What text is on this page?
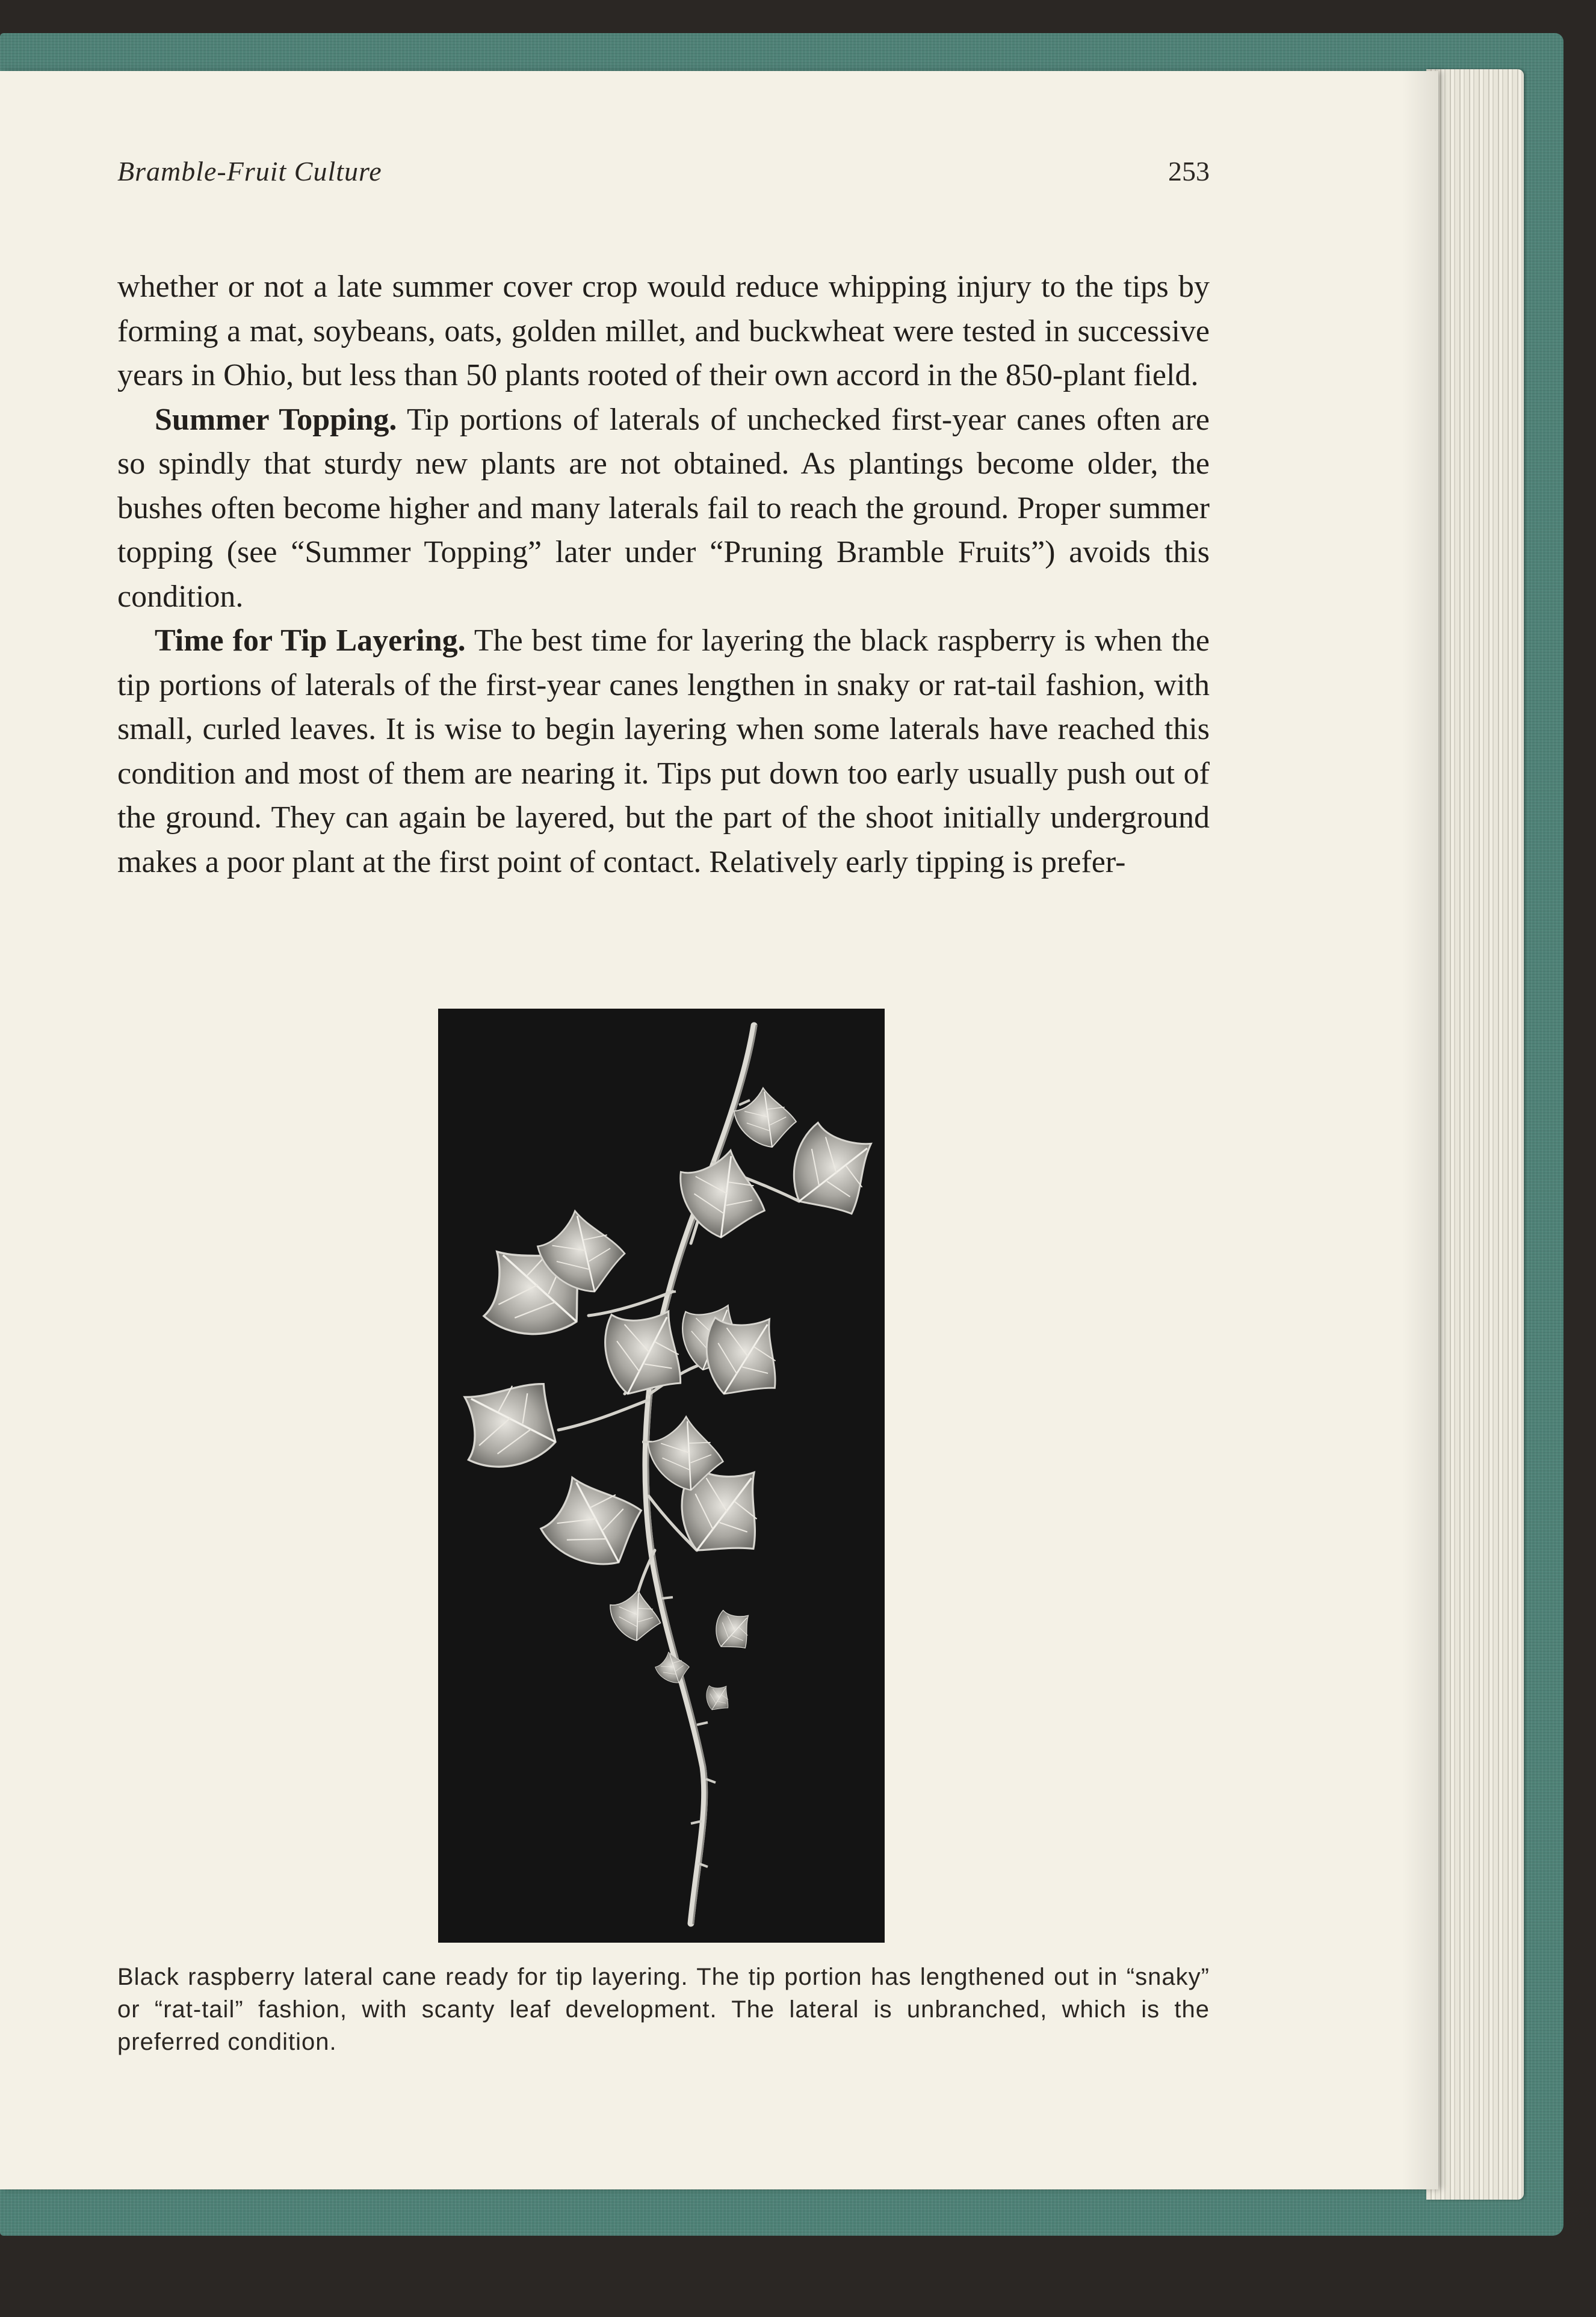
Bramble-Fruit Culture	253

whether or not a late summer cover crop would reduce whipping injury to the tips by forming a mat, soybeans, oats, golden millet, and buckwheat were tested in successive years in Ohio, but less than 50 plants rooted of their own accord in the 850-plant field.

Summer Topping. Tip portions of laterals of unchecked first-year canes often are so spindly that sturdy new plants are not obtained. As plantings become older, the bushes often become higher and many laterals fail to reach the ground. Proper summer topping (see “Summer Topping” later under “Pruning Bramble Fruits”) avoids this condition.

Time for Tip Layering. The best time for layering the black raspberry is when the tip portions of laterals of the first-year canes lengthen in snaky or rat-tail fashion, with small, curled leaves. It is wise to begin layering when some laterals have reached this condition and most of them are nearing it. Tips put down too early usually push out of the ground. They can again be layered, but the part of the shoot initially underground makes a poor plant at the first point of contact. Relatively early tipping is prefer-

Black raspberry lateral cane ready for tip layering. The tip portion has lengthened out in “snaky” or “rat-tail” fashion, with scanty leaf development. The lateral is unbranched, which is the preferred condition.
